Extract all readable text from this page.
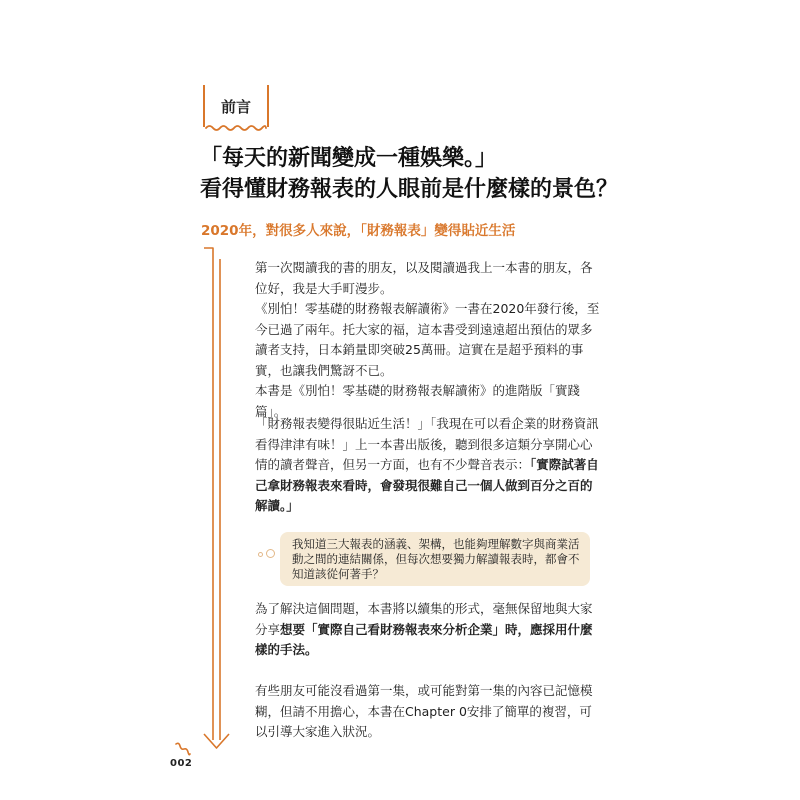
前言
「每天的新聞變成一種娛樂。」
看得懂財務報表的人眼前是什麼樣的景色？
2020年，對很多人來說，「財務報表」變得貼近生活

第一次閱讀我的書的朋友，以及閱讀過我上一本書的朋友，各位好，我是大手町漫步。

《別怕！零基礎的財務報表解讀術》一書在2020年發行後，至今已過了兩年。托大家的福，這本書受到遠遠超出預估的眾多讀者支持，日本銷量即突破25萬冊。這實在是超乎預料的事實，也讓我們驚訝不已。

本書是《別怕！零基礎的財務報表解讀術》的進階版「實踐篇」。

「財務報表變得很貼近生活！」「我現在可以看企業的財務資訊看得津津有味！」上一本書出版後，聽到很多這類分享開心心情的讀者聲音，但另一方面，也有不少聲音表示：「實際試著自己拿財務報表來看時，會發現很難自己一個人做到百分之百的解讀。」

我知道三大報表的涵義、架構，也能夠理解數字與商業活動之間的連結關係，但每次想要獨力解讀報表時，都會不知道該從何著手？

為了解決這個問題，本書將以續集的形式，毫無保留地與大家分享想要「實際自己看財務報表來分析企業」時，應採用什麼樣的手法。

有些朋友可能沒看過第一集，或可能對第一集的內容已記憶模糊，但請不用擔心，本書在Chapter 0安排了簡單的複習，可以引導大家進入狀況。

002
